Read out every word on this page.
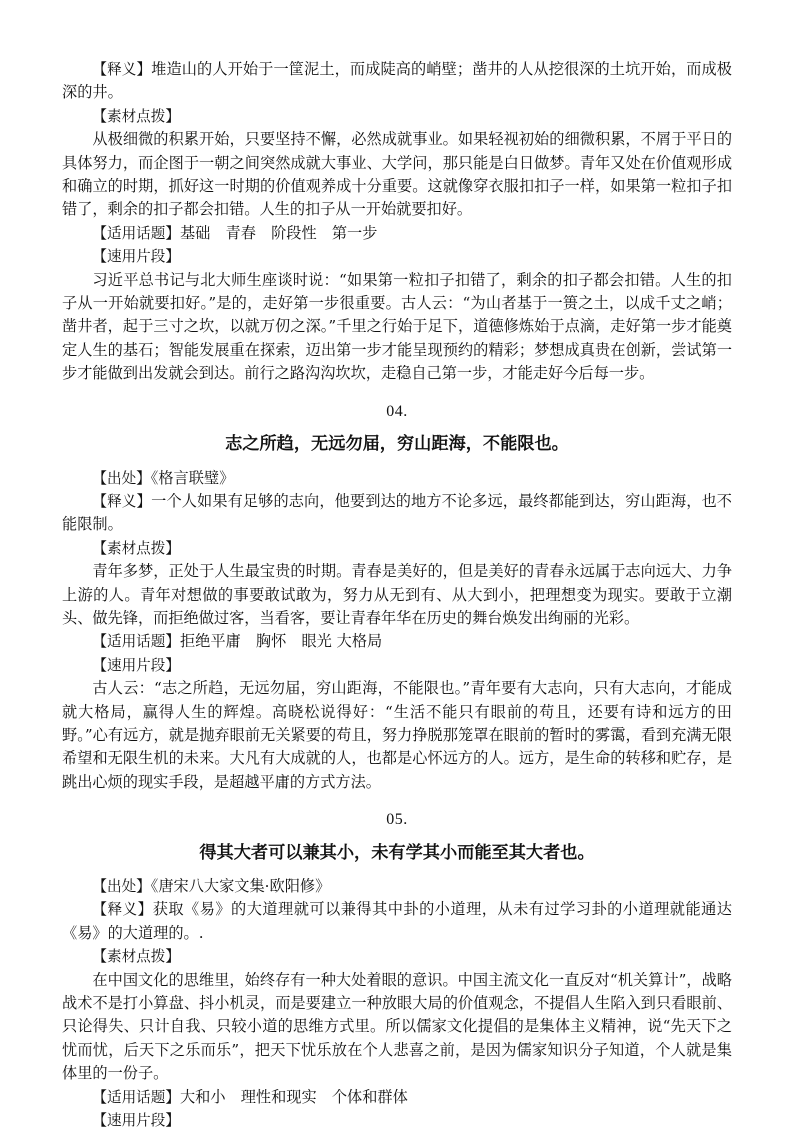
【释义】堆造山的人开始于一筐泥土，而成陡高的峭壁；凿井的人从挖很深的土坑开始，而成极深的井。

【素材点拨】

从极细微的积累开始，只要坚持不懈，必然成就事业。如果轻视初始的细微积累，不屑于平日的具体努力，而企图于一朝之间突然成就大事业、大学问，那只能是白日做梦。青年又处在价值观形成和确立的时期，抓好这一时期的价值观养成十分重要。这就像穿衣服扣扣子一样，如果第一粒扣子扣错了，剩余的扣子都会扣错。人生的扣子从一开始就要扣好。

【适用话题】基础　青春　阶段性　第一步

【速用片段】

习近平总书记与北大师生座谈时说：“如果第一粒扣子扣错了，剩余的扣子都会扣错。人生的扣子从一开始就要扣好。”是的，走好第一步很重要。古人云：“为山者基于一篑之土，以成千丈之峭；凿井者，起于三寸之坎，以就万仞之深。”千里之行始于足下，道德修炼始于点滴，走好第一步才能奠定人生的基石；智能发展重在探索，迈出第一步才能呈现预约的精彩；梦想成真贵在创新，尝试第一步才能做到出发就会到达。前行之路沟沟坎坎，走稳自己第一步，才能走好今后每一步。

04.

志之所趋，无远勿届，穷山距海，不能限也。

【出处】《格言联璧》

【释义】一个人如果有足够的志向，他要到达的地方不论多远，最终都能到达，穷山距海，也不能限制。

【素材点拨】

青年多梦，正处于人生最宝贵的时期。青春是美好的，但是美好的青春永远属于志向远大、力争上游的人。青年对想做的事要敢试敢为，努力从无到有、从大到小，把理想变为现实。要敢于立潮头、做先锋，而拒绝做过客，当看客，要让青春年华在历史的舞台焕发出绚丽的光彩。

【适用话题】拒绝平庸　胸怀　眼光 大格局

【速用片段】

古人云：“志之所趋，无远勿届，穷山距海，不能限也。”青年要有大志向，只有大志向，才能成就大格局，赢得人生的辉煌。高晓松说得好：“生活不能只有眼前的苟且，还要有诗和远方的田野。”心有远方，就是抛弃眼前无关紧要的苟且，努力挣脱那笼罩在眼前的暂时的雾霭，看到充满无限希望和无限生机的未来。大凡有大成就的人，也都是心怀远方的人。远方，是生命的转移和贮存，是跳出心烦的现实手段，是超越平庸的方式方法。

05.

得其大者可以兼其小，未有学其小而能至其大者也。

【出处】《唐宋八大家文集·欧阳修》

【释义】获取《易》的大道理就可以兼得其中卦的小道理，从未有过学习卦的小道理就能通达《易》的大道理的。.

【素材点拨】

在中国文化的思维里，始终存有一种大处着眼的意识。中国主流文化一直反对“机关算计”，战略战术不是打小算盘、抖小机灵，而是要建立一种放眼大局的价值观念，不提倡人生陷入到只看眼前、只论得失、只计自我、只较小道的思维方式里。所以儒家文化提倡的是集体主义精神，说“先天下之忧而忧，后天下之乐而乐”，把天下忧乐放在个人悲喜之前，是因为儒家知识分子知道，个人就是集体里的一份子。

【适用话题】大和小　理性和现实　个体和群体

【速用片段】
